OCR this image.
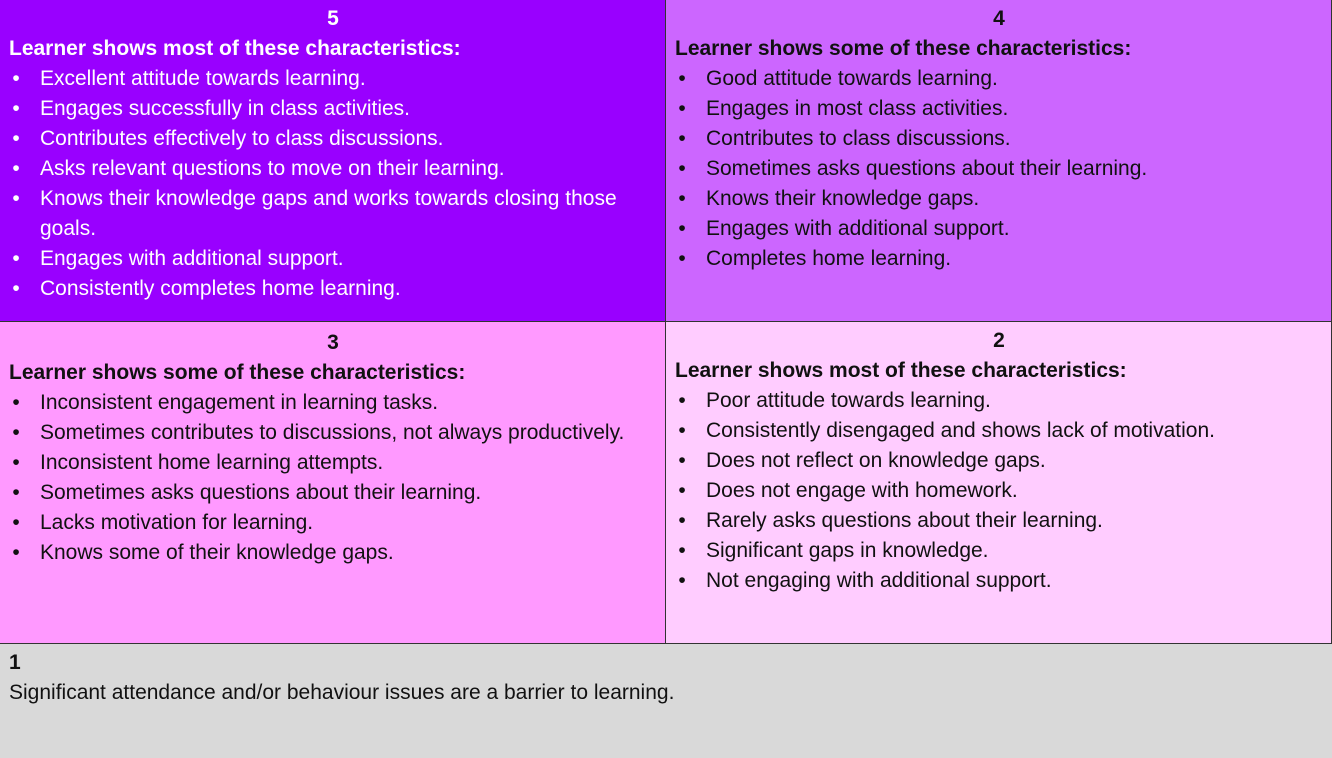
5

Learner shows most of these characteristics:

• Excellent attitude towards learning.
• Engages successfully in class activities.
• Contributes effectively to class discussions.
• Asks relevant questions to move on their learning.
• Knows their knowledge gaps and works towards closing those goals.
• Engages with additional support.
• Consistently completes home learning.

4

Learner shows some of these characteristics:

• Good attitude towards learning.
• Engages in most class activities.
• Contributes to class discussions.
• Sometimes asks questions about their learning.
• Knows their knowledge gaps.
• Engages with additional support.
• Completes home learning.

3

Learner shows some of these characteristics:

• Inconsistent engagement in learning tasks.
• Sometimes contributes to discussions, not always productively.
• Inconsistent home learning attempts.
• Sometimes asks questions about their learning.
• Lacks motivation for learning.
• Knows some of their knowledge gaps.

2

Learner shows most of these characteristics:

• Poor attitude towards learning.
• Consistently disengaged and shows lack of motivation.
• Does not reflect on knowledge gaps.
• Does not engage with homework.
• Rarely asks questions about their learning.
• Significant gaps in knowledge.
• Not engaging with additional support.

1

Significant attendance and/or behaviour issues are a barrier to learning.
